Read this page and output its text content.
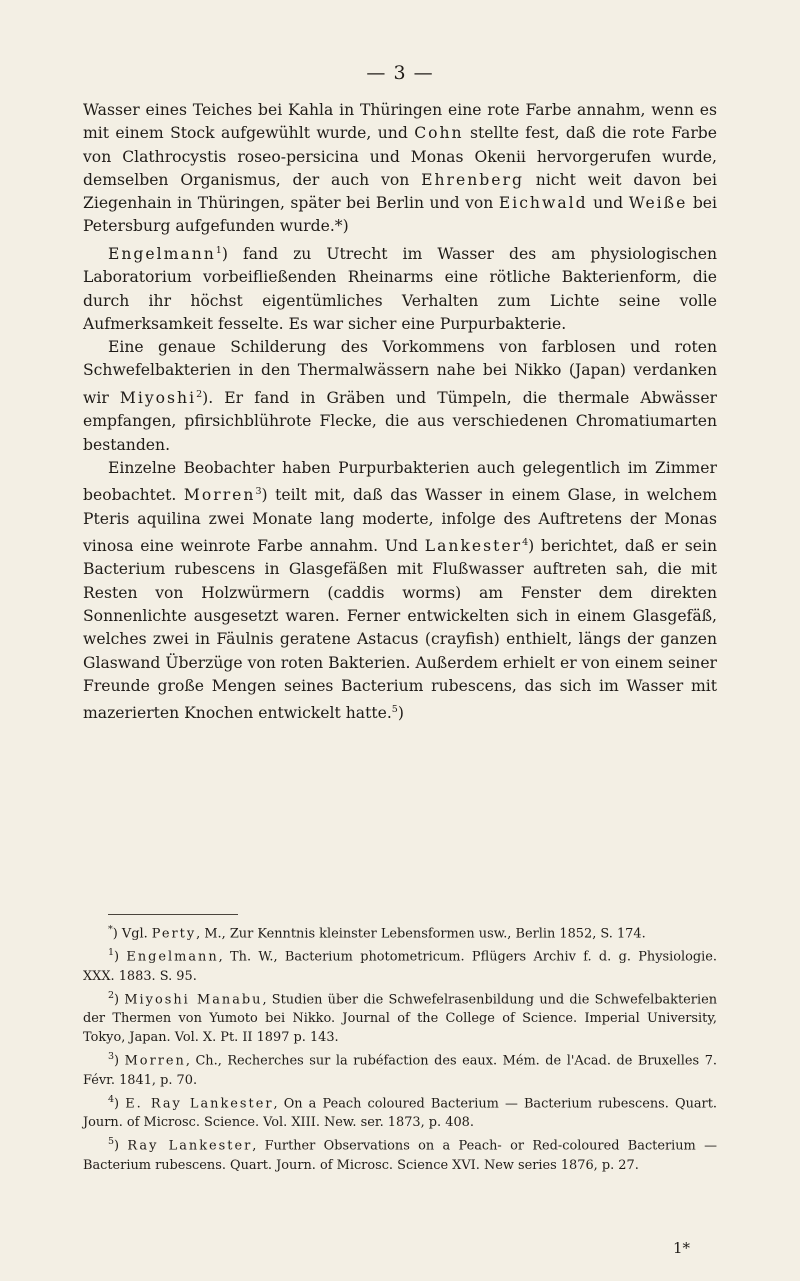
— 3 —

Wasser eines Teiches bei Kahla in Thüringen eine rote Farbe annahm, wenn es mit einem Stock aufgewühlt wurde, und Cohn stellte fest, daß die rote Farbe von Clathrocystis roseo-persicina und Monas Okenii hervorgerufen wurde, demselben Organismus, der auch von Ehrenberg nicht weit davon bei Ziegenhain in Thüringen, später bei Berlin und von Eichwald und Weiße bei Petersburg aufgefunden wurde.*)

Engelmann$^1$) fand zu Utrecht im Wasser des am physiologischen Laboratorium vorbeifließenden Rheinarms eine rötliche Bakterienform, die durch ihr höchst eigentümliches Verhalten zum Lichte seine volle Aufmerksamkeit fesselte. Es war sicher eine Purpurbakterie.

Eine genaue Schilderung des Vorkommens von farblosen und roten Schwefelbakterien in den Thermalwässern nahe bei Nikko (Japan) verdanken wir Miyoshi$^2$). Er fand in Gräben und Tümpeln, die thermale Abwässer empfangen, pfirsichblührote Flecke, die aus verschiedenen Chromatiumarten bestanden.

Einzelne Beobachter haben Purpurbakterien auch gelegentlich im Zimmer beobachtet. Morren$^3$) teilt mit, daß das Wasser in einem Glase, in welchem Pteris aquilina zwei Monate lang moderte, infolge des Auftretens der Monas vinosa eine weinrote Farbe annahm. Und Lankester$^4$) berichtet, daß er sein Bacterium rubescens in Glasgefäßen mit Flußwasser auftreten sah, die mit Resten von Holzwürmern (caddis worms) am Fenster dem direkten Sonnenlichte ausgesetzt waren. Ferner entwickelten sich in einem Glasgefäß, welches zwei in Fäulnis geratene Astacus (crayfish) enthielt, längs der ganzen Glaswand Überzüge von roten Bakterien. Außerdem erhielt er von einem seiner Freunde große Mengen seines Bacterium rubescens, das sich im Wasser mit mazerierten Knochen entwickelt hatte.$^5$)

*) Vgl. Perty, M., Zur Kenntnis kleinster Lebensformen usw., Berlin 1852, S. 174.

$^1$) Engelmann, Th. W., Bacterium photometricum. Pflügers Archiv f. d. g. Physiologie. XXX. 1883. S. 95.

$^2$) Miyoshi Manabu, Studien über die Schwefelrasenbildung und die Schwefelbakterien der Thermen von Yumoto bei Nikko. Journal of the College of Science. Imperial University, Tokyo, Japan. Vol. X. Pt. II 1897 p. 143.

$^3$) Morren, Ch., Recherches sur la rubéfaction des eaux. Mém. de l'Acad. de Bruxelles 7. Févr. 1841, p. 70.

$^4$) E. Ray Lankester, On a Peach coloured Bacterium — Bacterium rubescens. Quart. Journ. of Microsc. Science. Vol. XIII. New. ser. 1873, p. 408.

$^5$) Ray Lankester, Further Observations on a Peach- or Red-coloured Bacterium — Bacterium rubescens. Quart. Journ. of Microsc. Science XVI. New series 1876, p. 27.

1*
